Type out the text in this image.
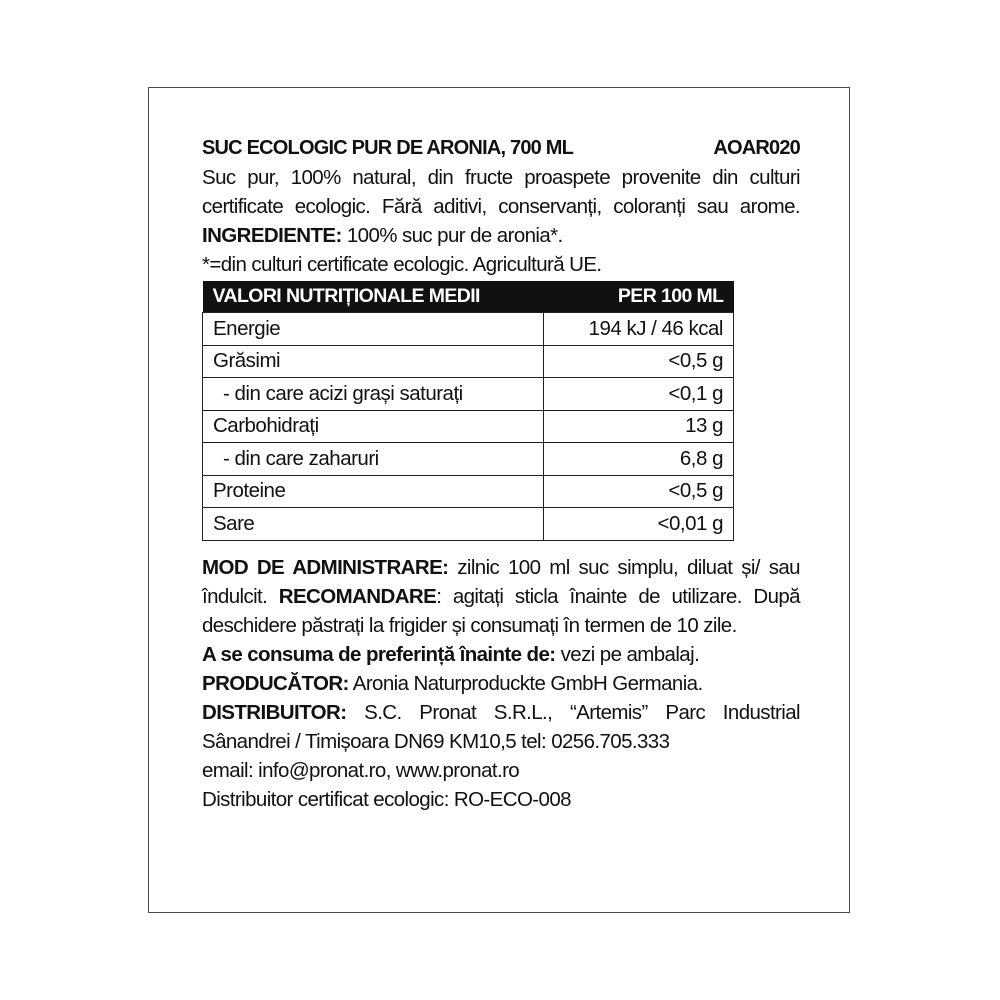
SUC ECOLOGIC PUR DE ARONIA, 700 ML	AOAR020

Suc pur, 100% natural, din fructe proaspete provenite din culturi certificate ecologic. Fără aditivi, conservanți, coloranți sau arome. INGREDIENTE: 100% suc pur de aronia*.

*=din culturi certificate ecologic. Agricultură UE.

VALORI NUTRIȚIONALE MEDII	PER 100 ML
Energie	194 kJ / 46 kcal
Grăsimi	<0,5 g
- din care acizi grași saturați	<0,1 g
Carbohidrați	13 g
- din care zaharuri	6,8 g
Proteine	<0,5 g
Sare	<0,01 g

MOD DE ADMINISTRARE: zilnic 100 ml suc simplu, diluat și/ sau îndulcit. RECOMANDARE: agitați sticla înainte de utilizare. După deschidere păstrați la frigider și consumați în termen de 10 zile.

A se consuma de preferință înainte de: vezi pe ambalaj.

PRODUCĂTOR: Aronia Naturproduckte GmbH Germania.

DISTRIBUITOR: S.C. Pronat S.R.L., “Artemis” Parc Industrial Sânandrei / Timișoara DN69 KM10,5 tel: 0256.705.333

email: info@pronat.ro, www.pronat.ro

Distribuitor certificat ecologic: RO-ECO-008
